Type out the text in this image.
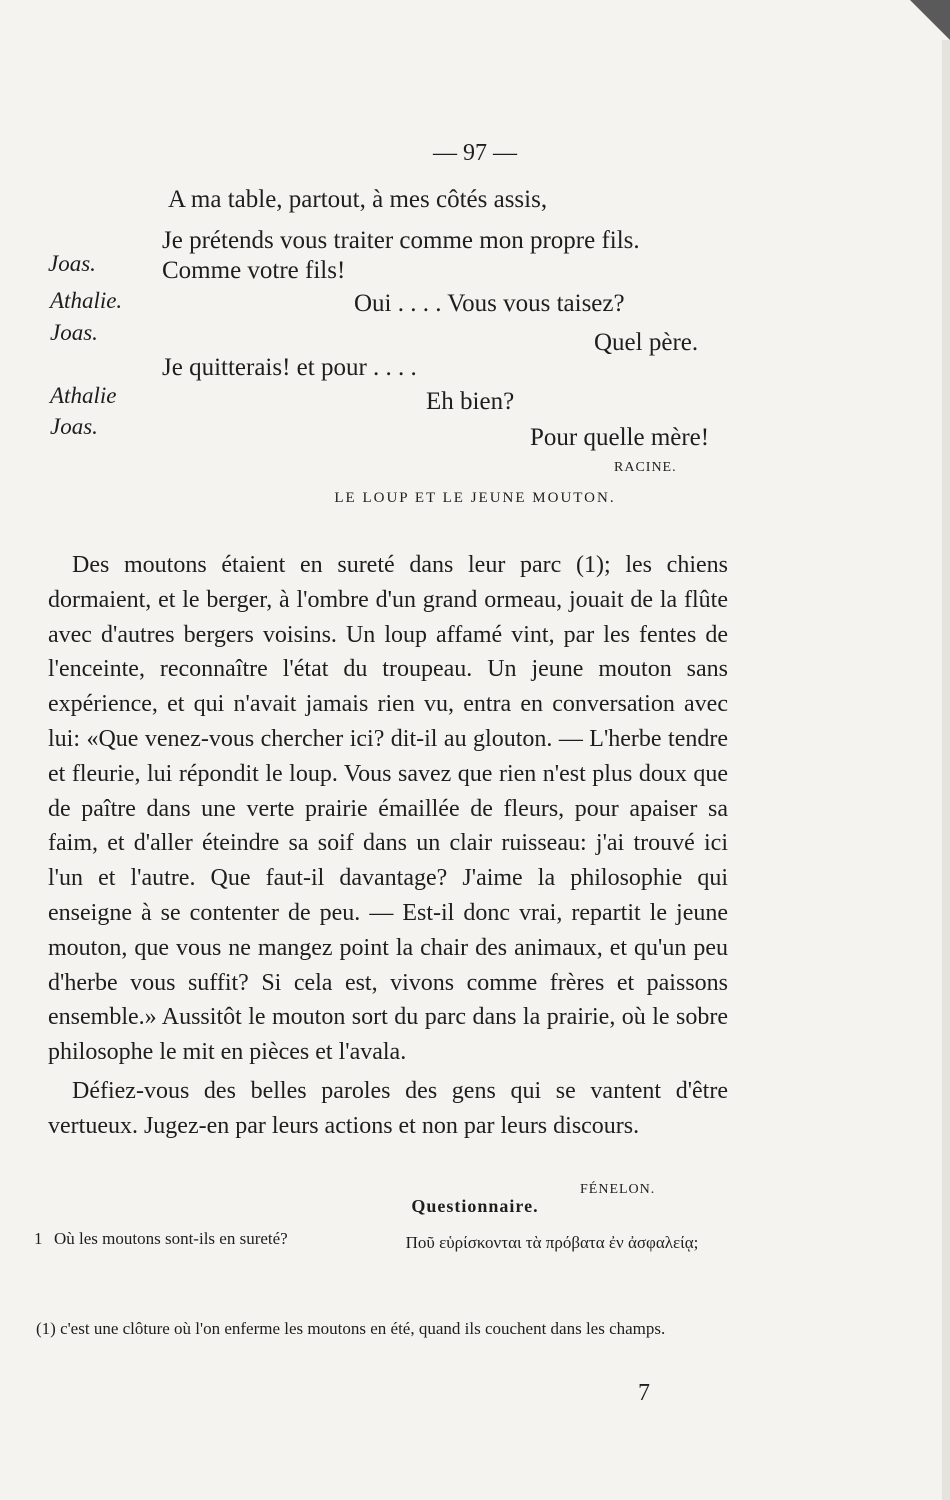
— 97 —
A ma table, partout, à mes côtés assis,
Je prétends vous traiter comme mon propre fils.
Joas.	Comme votre fils!
Athalie.	Oui . . . . Vous vous taisez?
Joas.	Quel père.
Je quitterais! et pour . . . .
Athalie	Eh bien?
Joas.	Pour quelle mère!
RACINE.
LE LOUP ET LE JEUNE MOUTON.

Des moutons étaient en sureté dans leur parc (1); les chiens dormaient, et le berger, à l'ombre d'un grand ormeau, jouait de la flûte avec d'autres bergers voisins. Un loup affamé vint, par les fentes de l'enceinte, reconnaître l'état du troupeau. Un jeune mouton sans expérience, et qui n'avait jamais rien vu, entra en conversation avec lui: «Que venez-vous chercher ici? dit-il au glouton. — L'herbe tendre et fleurie, lui répondit le loup. Vous savez que rien n'est plus doux que de paître dans une verte prairie émaillée de fleurs, pour apaiser sa faim, et d'aller éteindre sa soif dans un clair ruisseau: j'ai trouvé ici l'un et l'autre. Que faut-il davantage? J'aime la philosophie qui enseigne à se contenter de peu. — Est-il donc vrai, repartit le jeune mouton, que vous ne mangez point la chair des animaux, et qu'un peu d'herbe vous suffit? Si cela est, vivons comme frères et paissons ensemble.» Aussitôt le mouton sort du parc dans la prairie, où le sobre philosophe le mit en pièces et l'avala.

Défiez-vous des belles paroles des gens qui se vantent d'être vertueux. Jugez-en par leurs actions et non par leurs discours.

FÉNELON.
Questionnaire.
1 Où les moutons sont-ils en sureté?	Ποῦ εὑρίσκονται τὰ πρόβατα ἐν ἀσφαλείᾳ;
(1) c'est une clôture où l'on enferme les moutons en été, quand ils couchent dans les champs.
7
